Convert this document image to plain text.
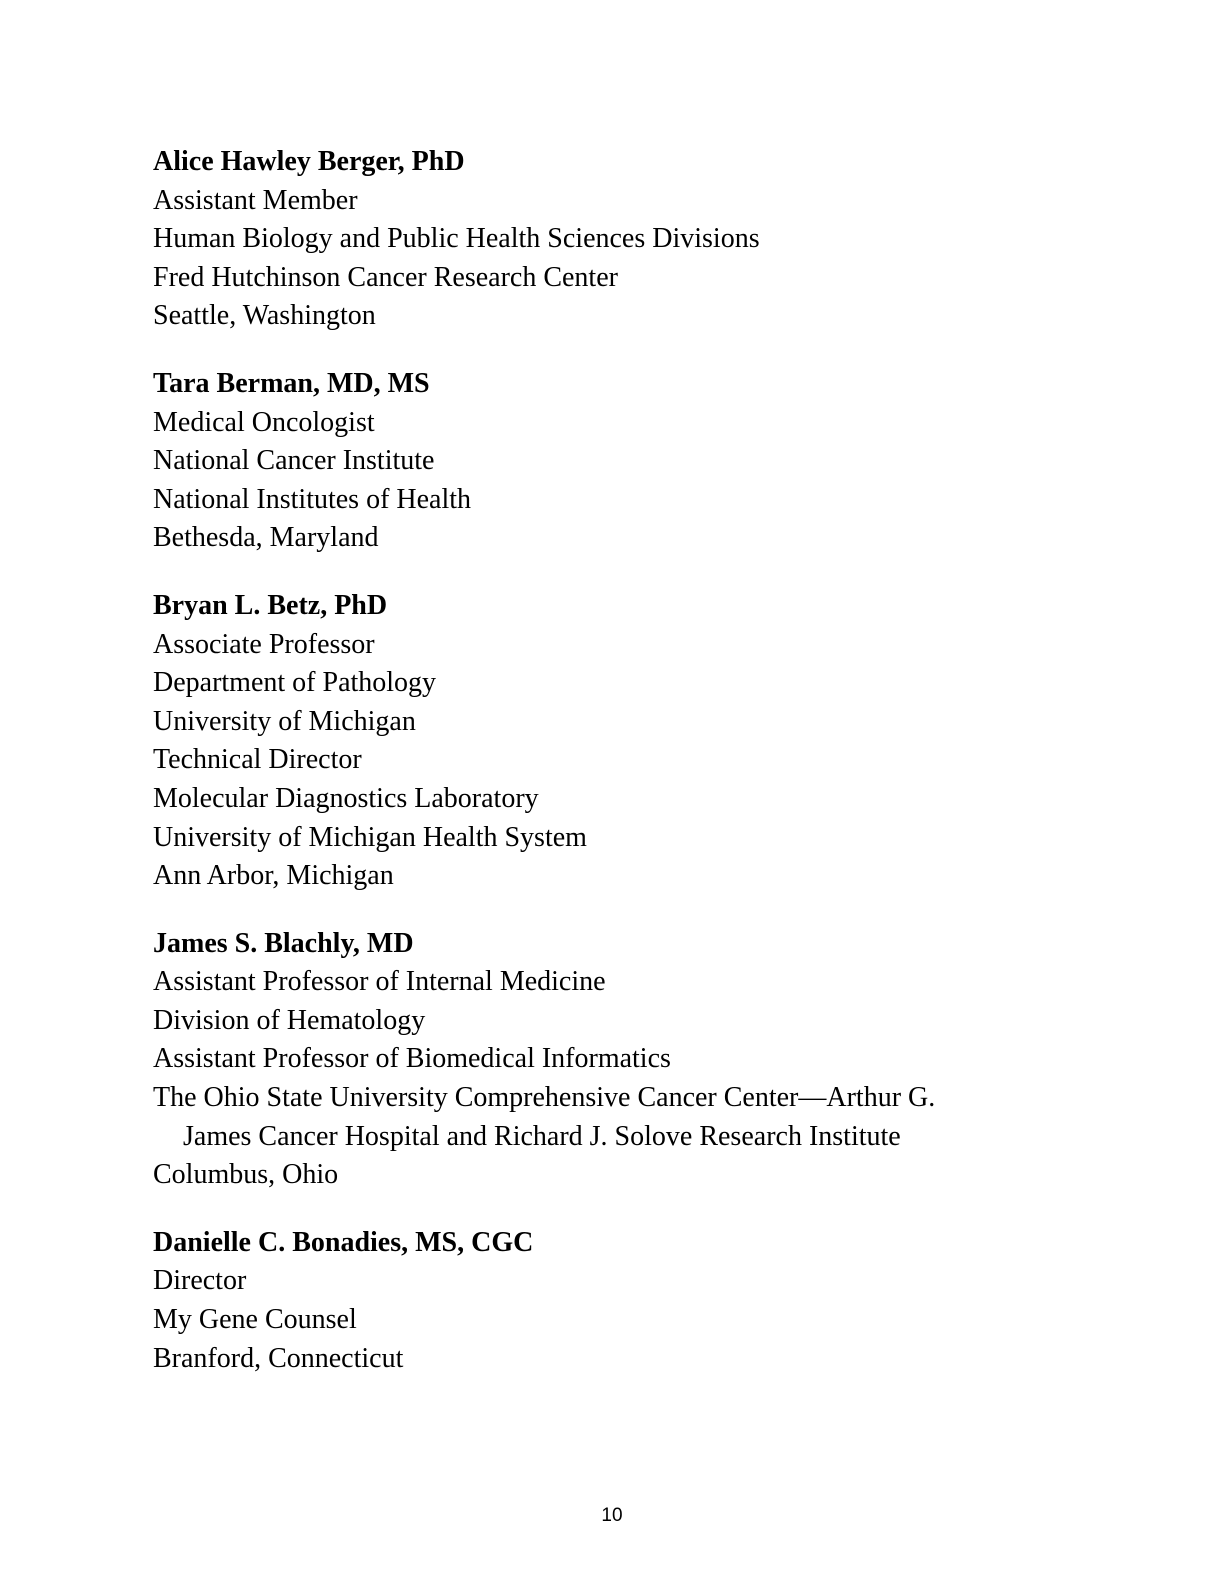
Alice Hawley Berger, PhD
Assistant Member
Human Biology and Public Health Sciences Divisions
Fred Hutchinson Cancer Research Center
Seattle, Washington
Tara Berman, MD, MS
Medical Oncologist
National Cancer Institute
National Institutes of Health
Bethesda, Maryland
Bryan L. Betz, PhD
Associate Professor
Department of Pathology
University of Michigan
Technical Director
Molecular Diagnostics Laboratory
University of Michigan Health System
Ann Arbor, Michigan
James S. Blachly, MD
Assistant Professor of Internal Medicine
Division of Hematology
Assistant Professor of Biomedical Informatics
The Ohio State University Comprehensive Cancer Center—Arthur G.
James Cancer Hospital and Richard J. Solove Research Institute
Columbus, Ohio
Danielle C. Bonadies, MS, CGC
Director
My Gene Counsel
Branford, Connecticut
10
